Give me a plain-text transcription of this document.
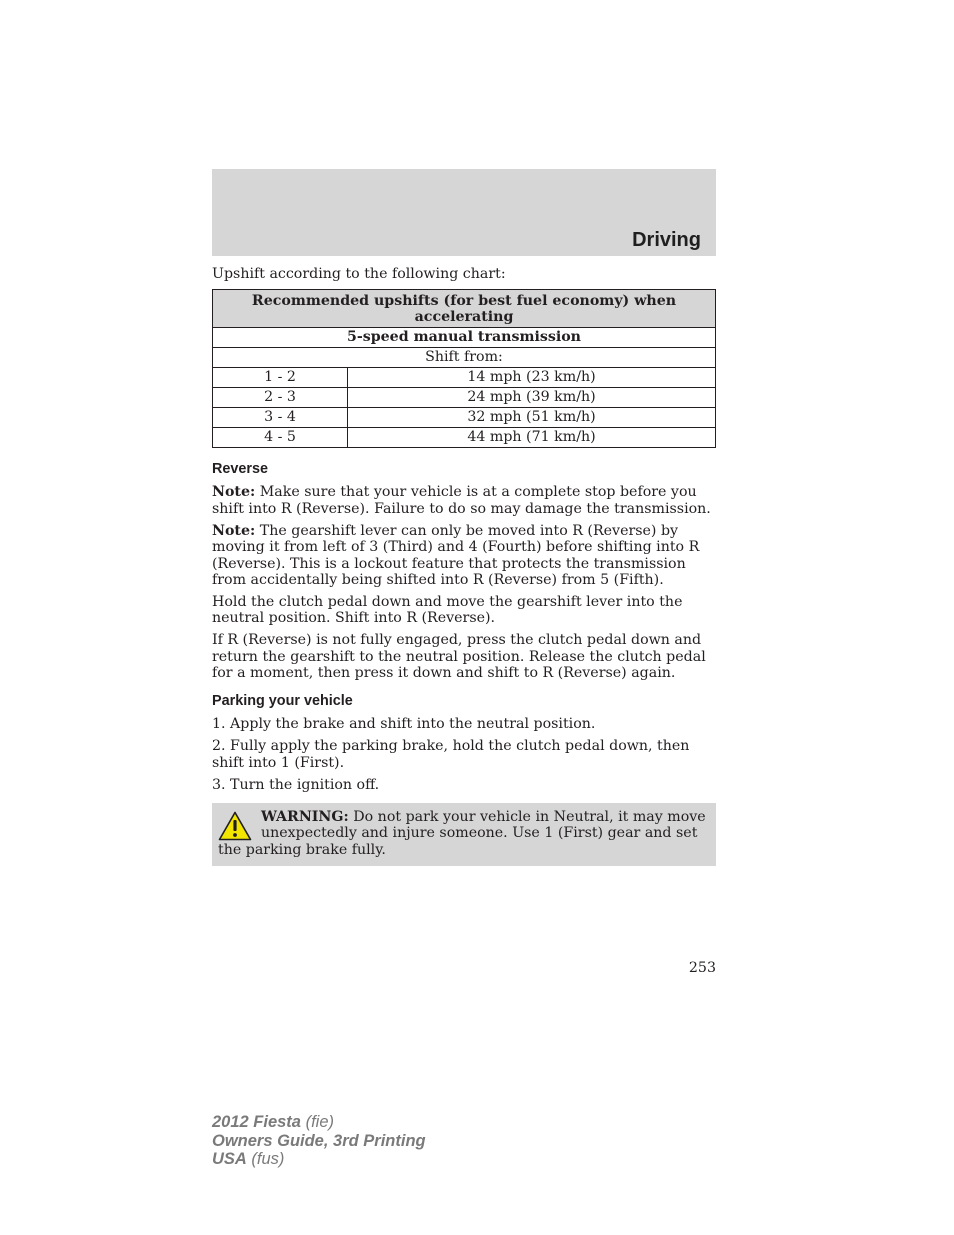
Driving

Upshift according to the following chart:

Recommended upshifts (for best fuel economy) when accelerating	
5-speed manual transmission	
Shift from:	
1 - 2	14 mph (23 km/h)
2 - 3	24 mph (39 km/h)
3 - 4	32 mph (51 km/h)
4 - 5	44 mph (71 km/h)
Reverse

Note: Make sure that your vehicle is at a complete stop before you shift into R (Reverse). Failure to do so may damage the transmission.

Note: The gearshift lever can only be moved into R (Reverse) by moving it from left of 3 (Third) and 4 (Fourth) before shifting into R (Reverse). This is a lockout feature that protects the transmission from accidentally being shifted into R (Reverse) from 5 (Fifth).

Hold the clutch pedal down and move the gearshift lever into the neutral position. Shift into R (Reverse).

If R (Reverse) is not fully engaged, press the clutch pedal down and return the gearshift to the neutral position. Release the clutch pedal for a moment, then press it down and shift to R (Reverse) again.

Parking your vehicle

1. Apply the brake and shift into the neutral position.

2. Fully apply the parking brake, hold the clutch pedal down, then shift into 1 (First).

3. Turn the ignition off.

WARNING: Do not park your vehicle in Neutral, it may move unexpectedly and injure someone. Use 1 (First) gear and set the parking brake fully.
253
2012 Fiesta (fie)
Owners Guide, 3rd Printing
USA (fus)
